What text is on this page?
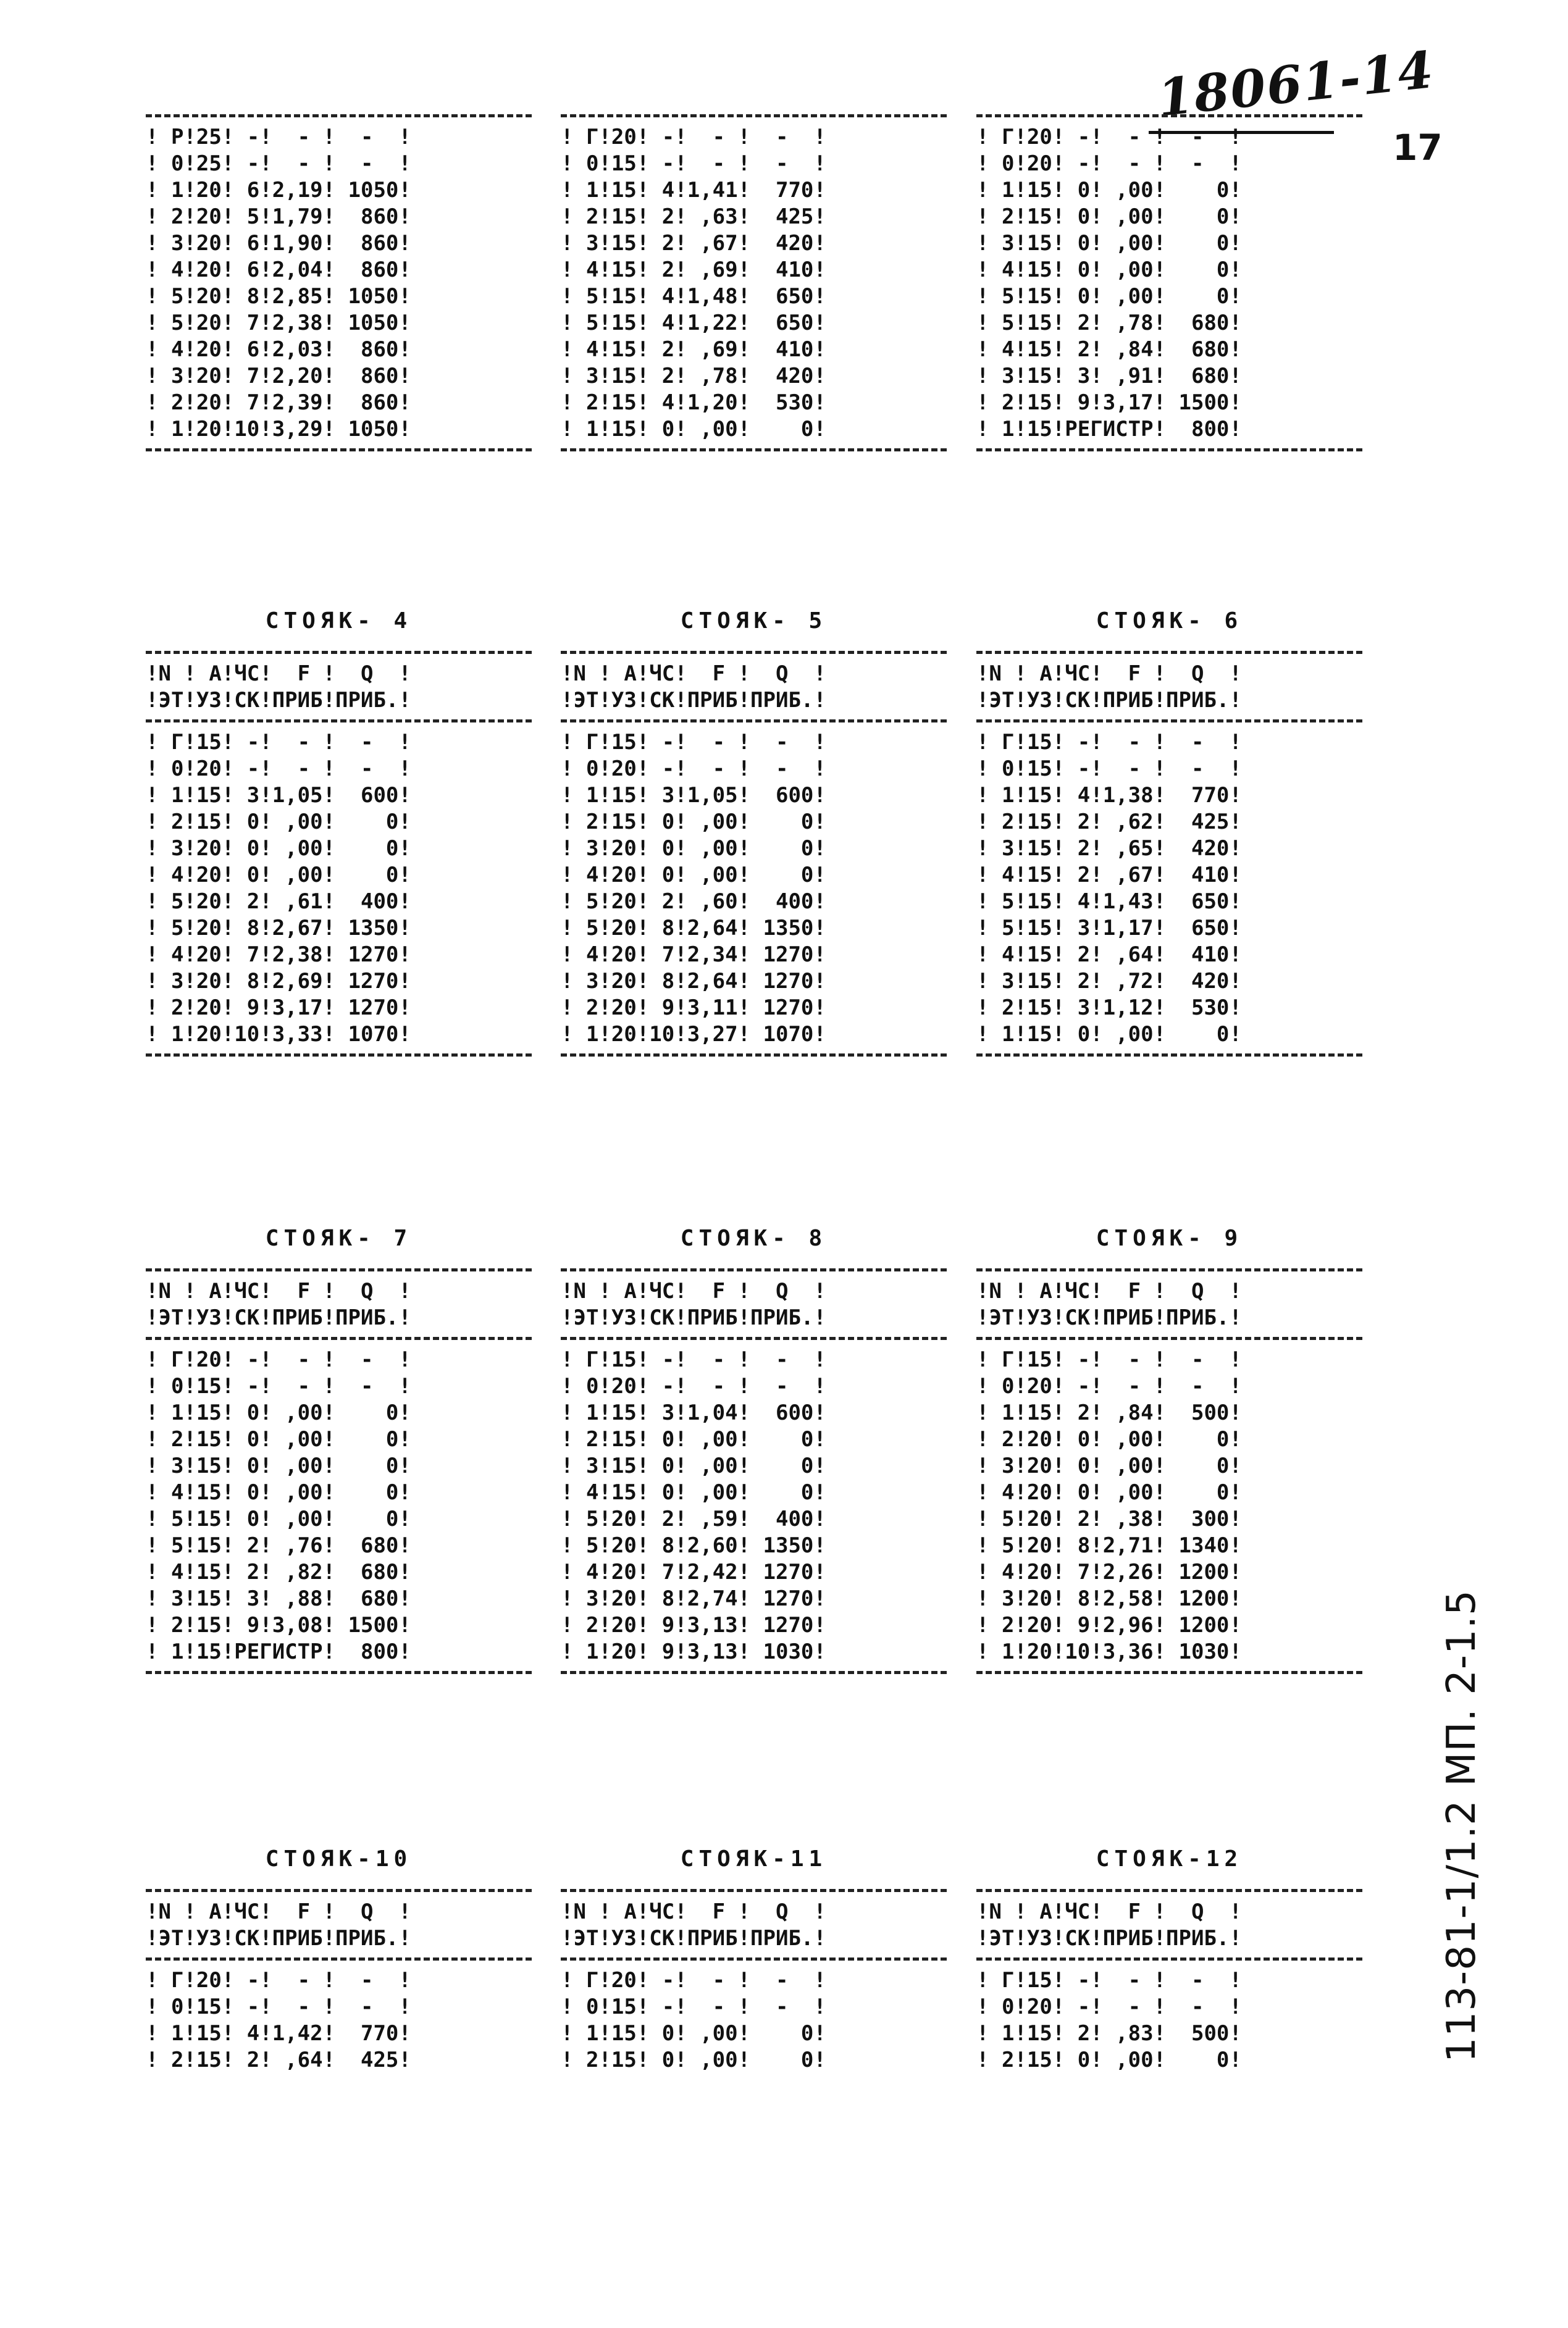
18061-14
17
113-81-1/1.2 МП. 2-1.5
! Р!25! -!  - !  -  !
! 0!25! -!  - !  -  !
! 1!20! 6!2,19! 1050!
! 2!20! 5!1,79!  860!
! 3!20! 6!1,90!  860!
! 4!20! 6!2,04!  860!
! 5!20! 8!2,85! 1050!
! 5!20! 7!2,38! 1050!
! 4!20! 6!2,03!  860!
! 3!20! 7!2,20!  860!
! 2!20! 7!2,39!  860!
! 1!20!10!3,29! 1050!
! Г!20! -!  - !  -  !
! 0!15! -!  - !  -  !
! 1!15! 4!1,41!  770!
! 2!15! 2! ,63!  425!
! 3!15! 2! ,67!  420!
! 4!15! 2! ,69!  410!
! 5!15! 4!1,48!  650!
! 5!15! 4!1,22!  650!
! 4!15! 2! ,69!  410!
! 3!15! 2! ,78!  420!
! 2!15! 4!1,20!  530!
! 1!15! 0! ,00!    0!
! Г!20! -!  - !  -  !
! 0!20! -!  - !  -  !
! 1!15! 0! ,00!    0!
! 2!15! 0! ,00!    0!
! 3!15! 0! ,00!    0!
! 4!15! 0! ,00!    0!
! 5!15! 0! ,00!    0!
! 5!15! 2! ,78!  680!
! 4!15! 2! ,84!  680!
! 3!15! 3! ,91!  680!
! 2!15! 9!3,17! 1500!
! 1!15!РЕГИСТР!  800!
СТОЯК- 4
!N ! А!ЧС!  F !  Q  !
!ЭТ!УЗ!СК!ПРИБ!ПРИБ.!
! Г!15! -!  - !  -  !
! 0!20! -!  - !  -  !
! 1!15! 3!1,05!  600!
! 2!15! 0! ,00!    0!
! 3!20! 0! ,00!    0!
! 4!20! 0! ,00!    0!
! 5!20! 2! ,61!  400!
! 5!20! 8!2,67! 1350!
! 4!20! 7!2,38! 1270!
! 3!20! 8!2,69! 1270!
! 2!20! 9!3,17! 1270!
! 1!20!10!3,33! 1070!
СТОЯК- 5
!N ! А!ЧС!  F !  Q  !
!ЭТ!УЗ!СК!ПРИБ!ПРИБ.!
! Г!15! -!  - !  -  !
! 0!20! -!  - !  -  !
! 1!15! 3!1,05!  600!
! 2!15! 0! ,00!    0!
! 3!20! 0! ,00!    0!
! 4!20! 0! ,00!    0!
! 5!20! 2! ,60!  400!
! 5!20! 8!2,64! 1350!
! 4!20! 7!2,34! 1270!
! 3!20! 8!2,64! 1270!
! 2!20! 9!3,11! 1270!
! 1!20!10!3,27! 1070!
СТОЯК- 6
!N ! А!ЧС!  F !  Q  !
!ЭТ!УЗ!СК!ПРИБ!ПРИБ.!
! Г!15! -!  - !  -  !
! 0!15! -!  - !  -  !
! 1!15! 4!1,38!  770!
! 2!15! 2! ,62!  425!
! 3!15! 2! ,65!  420!
! 4!15! 2! ,67!  410!
! 5!15! 4!1,43!  650!
! 5!15! 3!1,17!  650!
! 4!15! 2! ,64!  410!
! 3!15! 2! ,72!  420!
! 2!15! 3!1,12!  530!
! 1!15! 0! ,00!    0!
СТОЯК- 7
!N ! А!ЧС!  F !  Q  !
!ЭТ!УЗ!СК!ПРИБ!ПРИБ.!
! Г!20! -!  - !  -  !
! 0!15! -!  - !  -  !
! 1!15! 0! ,00!    0!
! 2!15! 0! ,00!    0!
! 3!15! 0! ,00!    0!
! 4!15! 0! ,00!    0!
! 5!15! 0! ,00!    0!
! 5!15! 2! ,76!  680!
! 4!15! 2! ,82!  680!
! 3!15! 3! ,88!  680!
! 2!15! 9!3,08! 1500!
! 1!15!РЕГИСТР!  800!
СТОЯК- 8
!N ! А!ЧС!  F !  Q  !
!ЭТ!УЗ!СК!ПРИБ!ПРИБ.!
! Г!15! -!  - !  -  !
! 0!20! -!  - !  -  !
! 1!15! 3!1,04!  600!
! 2!15! 0! ,00!    0!
! 3!15! 0! ,00!    0!
! 4!15! 0! ,00!    0!
! 5!20! 2! ,59!  400!
! 5!20! 8!2,60! 1350!
! 4!20! 7!2,42! 1270!
! 3!20! 8!2,74! 1270!
! 2!20! 9!3,13! 1270!
! 1!20! 9!3,13! 1030!
СТОЯК- 9
!N ! А!ЧС!  F !  Q  !
!ЭТ!УЗ!СК!ПРИБ!ПРИБ.!
! Г!15! -!  - !  -  !
! 0!20! -!  - !  -  !
! 1!15! 2! ,84!  500!
! 2!20! 0! ,00!    0!
! 3!20! 0! ,00!    0!
! 4!20! 0! ,00!    0!
! 5!20! 2! ,38!  300!
! 5!20! 8!2,71! 1340!
! 4!20! 7!2,26! 1200!
! 3!20! 8!2,58! 1200!
! 2!20! 9!2,96! 1200!
! 1!20!10!3,36! 1030!
СТОЯК-10
!N ! А!ЧС!  F !  Q  !
!ЭТ!УЗ!СК!ПРИБ!ПРИБ.!
! Г!20! -!  - !  -  !
! 0!15! -!  - !  -  !
! 1!15! 4!1,42!  770!
! 2!15! 2! ,64!  425!
СТОЯК-11
!N ! А!ЧС!  F !  Q  !
!ЭТ!УЗ!СК!ПРИБ!ПРИБ.!
! Г!20! -!  - !  -  !
! 0!15! -!  - !  -  !
! 1!15! 0! ,00!    0!
! 2!15! 0! ,00!    0!
СТОЯК-12
!N ! А!ЧС!  F !  Q  !
!ЭТ!УЗ!СК!ПРИБ!ПРИБ.!
! Г!15! -!  - !  -  !
! 0!20! -!  - !  -  !
! 1!15! 2! ,83!  500!
! 2!15! 0! ,00!    0!
